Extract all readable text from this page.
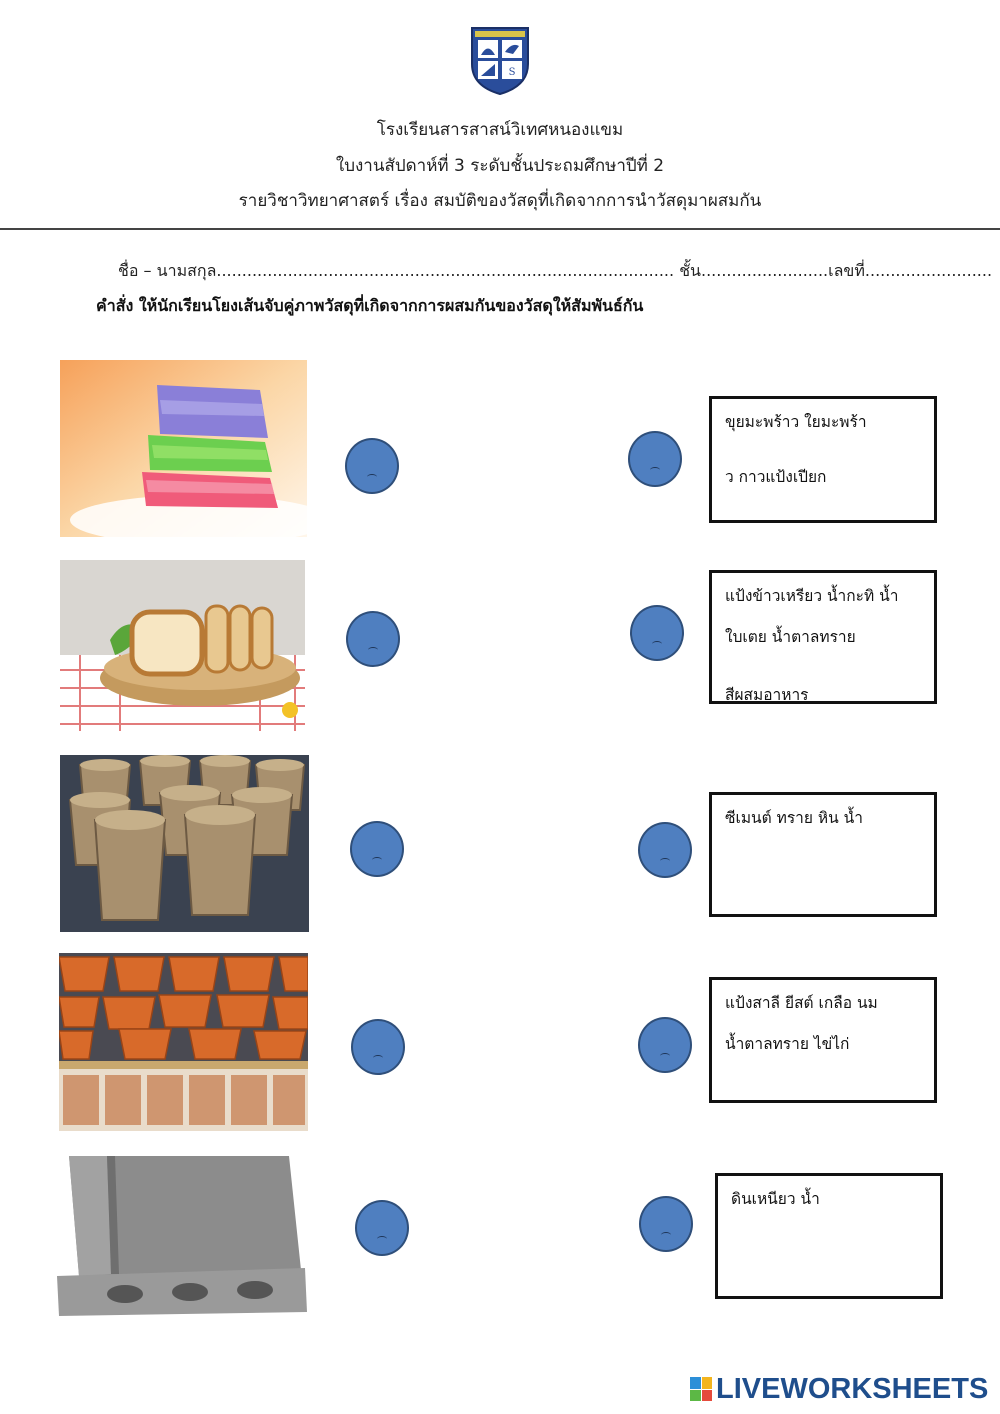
S
โรงเรียนสารสาสน์วิเทศหนองแขม
ใบงานสัปดาห์ที่ 3 ระดับชั้นประถมศึกษาปีที่ 2
รายวิชาวิทยาศาสตร์ เรื่อง สมบัติของวัสดุที่เกิดจากการนำวัสดุมาผสมกัน
ชื่อ – นามสกุล.......................................................................................... ชั้น.........................เลขที่.........................
คำสั่ง ให้นักเรียนโยงเส้นจับคู่ภาพวัสดุที่เกิดจากการผสมกันของวัสดุให้สัมพันธ์กัน
ขุยมะพร้าว ใยมะพร้า
ว กาวแป้งเปียก
แป้งข้าวเหรียว น้ำกะทิ น้ำ
ใบเตย น้ำตาลทราย
สีผสมอาหาร
ซีเมนต์ ทราย หิน น้ำ
แป้งสาลี ยีสต์ เกลือ นม
น้ำตาลทราย ไข่ไก่
ดินเหนียว น้ำ
LIVEWORKSHEETS
